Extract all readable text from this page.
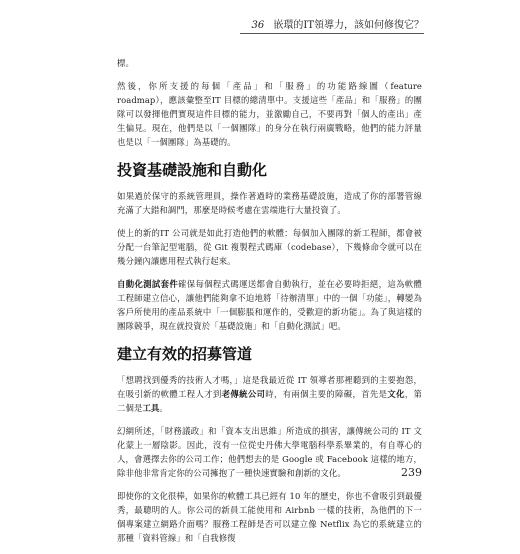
36 嵌環的IT領導力，該如何修復它？

標。

然後，你所支援的每個「產品」和「服務」的功能路線圖（feature roadmap），應該彙整至IT 目標的總清單中。支援這些「產品」和「服務」的團隊可以發揮他們實現這件目標的能力，並激勵自己，不要再對「個人的產出」產生偏見。現在，他們是以「一個團隊」的身分在執行兩廣戰略，他們的能力評量也是以「一個團隊」為基礎的。

投資基礎設施和自動化

如果過於保守的系統管理員，操作著過時的業務基礎設施，造成了你的部署管線充滿了大錯和調門，那麼是時候考慮在雲端進行大量投資了。

使上的新的IT 公司就是如此打造他們的軟體：每個加入團隊的新工程師，都會被分配一台筆記型電腦，從 Git 複製程式碼庫（codebase），下幾條命令就可以在幾分鐘內讓應用程式執行起來。

自動化測試套件確保每個程式碼運送都會自動執行，並在必要時拒絕，這為軟體工程師建立信心，讓他們能夠拿不迫地將「待辦清單」中的一個「功能」，轉變為客戶所使用的產品系統中「一個膨脹和運作的，受歡迎的新功能」。為了與這樣的團隊競爭，現在就投資於「基礎設施」和「自動化測試」吧。

建立有效的招募管道

「想聘找到優秀的技術人才嗎，」這是我最近從 IT 領導者那裡聽到的主要抱怨，在吸引新的軟體工程人才到老傳統公司時，有兩個主要的障礙，首先是文化，第二個是工具。

幻網所述，「財務議政」和「資本支出思維」所造成的損害，讓傳統公司的 IT 文化蒙上一層陰影。因此，沒有一位從史丹佛大學電腦科學系畢業的，有自尊心的人，會選擇去你的公司工作；他們想去的是 Google 或 Facebook 這樣的地方，除非他非常肯定你的公司擁抱了一種快速實驗和創新的文化。

即使你的文化很棒，如果你的軟體工具已經有 10 年的歷史，你也不會吸引到最優秀，最聰明的人。你公司的新員工能使用和 Airbnb 一樣的技術，為他們的下一個專案建立網路介面嗎？服務工程師是否可以建立像 Netflix 為它的系統建立的那種「資料管線」和「自我修復

239
